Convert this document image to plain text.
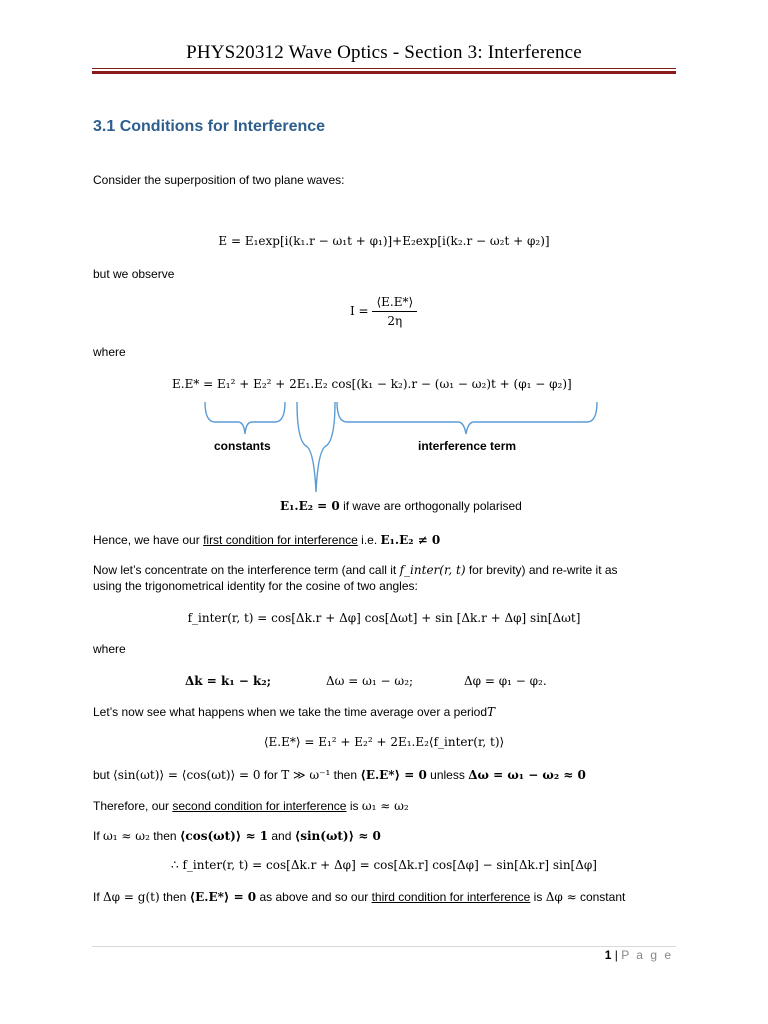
PHYS20312 Wave Optics - Section 3: Interference
3.1 Conditions for Interference
Consider the superposition of two plane waves:
E = E₁exp[i(k₁.r − ω₁t + φ₁)]+E₂exp[i(k₂.r − ω₂t + φ₂)]
but we observe
$I = \frac{⟨E.E*⟩}{2\eta}$
where
E.E* = E₁² + E₂² + 2E₁.E₂ cos[(k₁ − k₂).r − (ω₁ − ω₂)t + (φ₁ − φ₂)]
constants	interference term
E₁.E₂ = 0 if wave are orthogonally polarised
Hence, we have our first condition for interference i.e. E₁.E₂ ≠ 0
Now let’s concentrate on the interference term (and call it f_inter(r, t) for brevity) and re-write it as
using the trigonometrical identity for the cosine of two angles:
f_inter(r, t) = cos[Δk.r + Δφ] cos[Δωt] + sin [Δk.r + Δφ] sin[Δωt]
where
Δk = k₁ − k₂;	Δω = ω₁ − ω₂;	Δφ = φ₁ − φ₂.
Let’s now see what happens when we take the time average over a periodT
⟨E.E*⟩ = E₁² + E₂² + 2E₁.E₂⟨f_inter(r, t)⟩
but ⟨sin(ωt)⟩ = ⟨cos(ωt)⟩ = 0 for T ≫ ω⁻¹ then ⟨E.E*⟩ = 0 unless Δω = ω₁ − ω₂ ≈ 0
Therefore, our second condition for interference is ω₁ ≈ ω₂
If ω₁ ≈ ω₂ then ⟨cos(ωt)⟩ ≈ 1 and ⟨sin(ωt)⟩ ≈ 0
∴ f_inter(r, t) = cos[Δk.r + Δφ] = cos[Δk.r] cos[Δφ] − sin[Δk.r] sin[Δφ]
If Δφ = g(t) then ⟨E.E*⟩ = 0 as above and so our third condition for interference is Δφ ≈ constant
1 | P a g e
